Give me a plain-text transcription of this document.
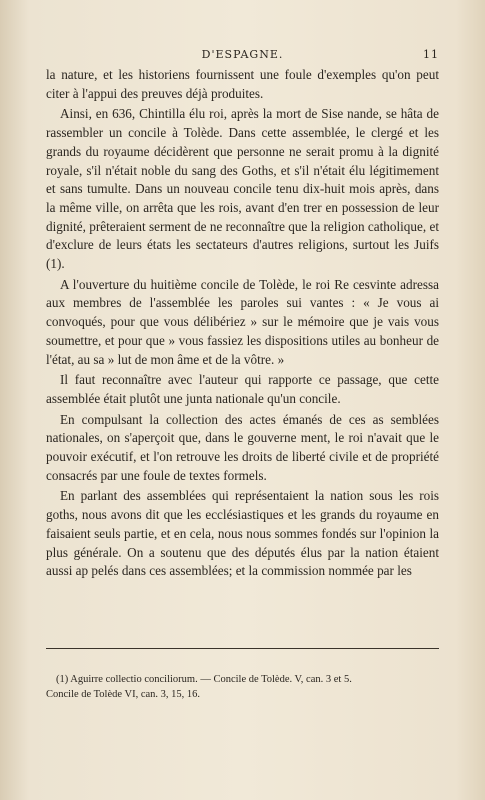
D'ESPAGNE.	11

la nature, et les historiens fournissent une foule d'exemples qu'on peut citer à l'appui des preuves déjà produites.

Ainsi, en 636, Chintilla élu roi, après la mort de Sise nande, se hâta de rassembler un concile à Tolède. Dans cette assemblée, le clergé et les grands du royaume décidèrent que personne ne serait promu à la dignité royale, s'il n'était noble du sang des Goths, et s'il n'était élu légitimement et sans tumulte. Dans un nouveau concile tenu dix-huit mois après, dans la même ville, on arrêta que les rois, avant d'en trer en possession de leur dignité, prêteraient serment de ne reconnaître que la religion catholique, et d'exclure de leurs états les sectateurs d'autres religions, surtout les Juifs (1).

A l'ouverture du huitième concile de Tolède, le roi Re cesvinte adressa aux membres de l'assemblée les paroles sui vantes : « Je vous ai convoqués, pour que vous délibériez » sur le mémoire que je vais vous soumettre, et pour que » vous fassiez les dispositions utiles au bonheur de l'état, au sa » lut de mon âme et de la vôtre. »

Il faut reconnaître avec l'auteur qui rapporte ce passage, que cette assemblée était plutôt une junta nationale qu'un concile.

En compulsant la collection des actes émanés de ces as semblées nationales, on s'aperçoit que, dans le gouverne ment, le roi n'avait que le pouvoir exécutif, et l'on retrouve les droits de liberté civile et de propriété consacrés par une foule de textes formels.

En parlant des assemblées qui représentaient la nation sous les rois goths, nous avons dit que les ecclésiastiques et les grands du royaume en faisaient seuls partie, et en cela, nous nous sommes fondés sur l'opinion la plus générale. On a soutenu que des députés élus par la nation étaient aussi ap pelés dans ces assemblées; et la commission nommée par les

(1) Aguirre collectio conciliorum. — Concile de Tolède. V, can. 3 et 5.

Concile de Tolède VI, can. 3, 15, 16.
